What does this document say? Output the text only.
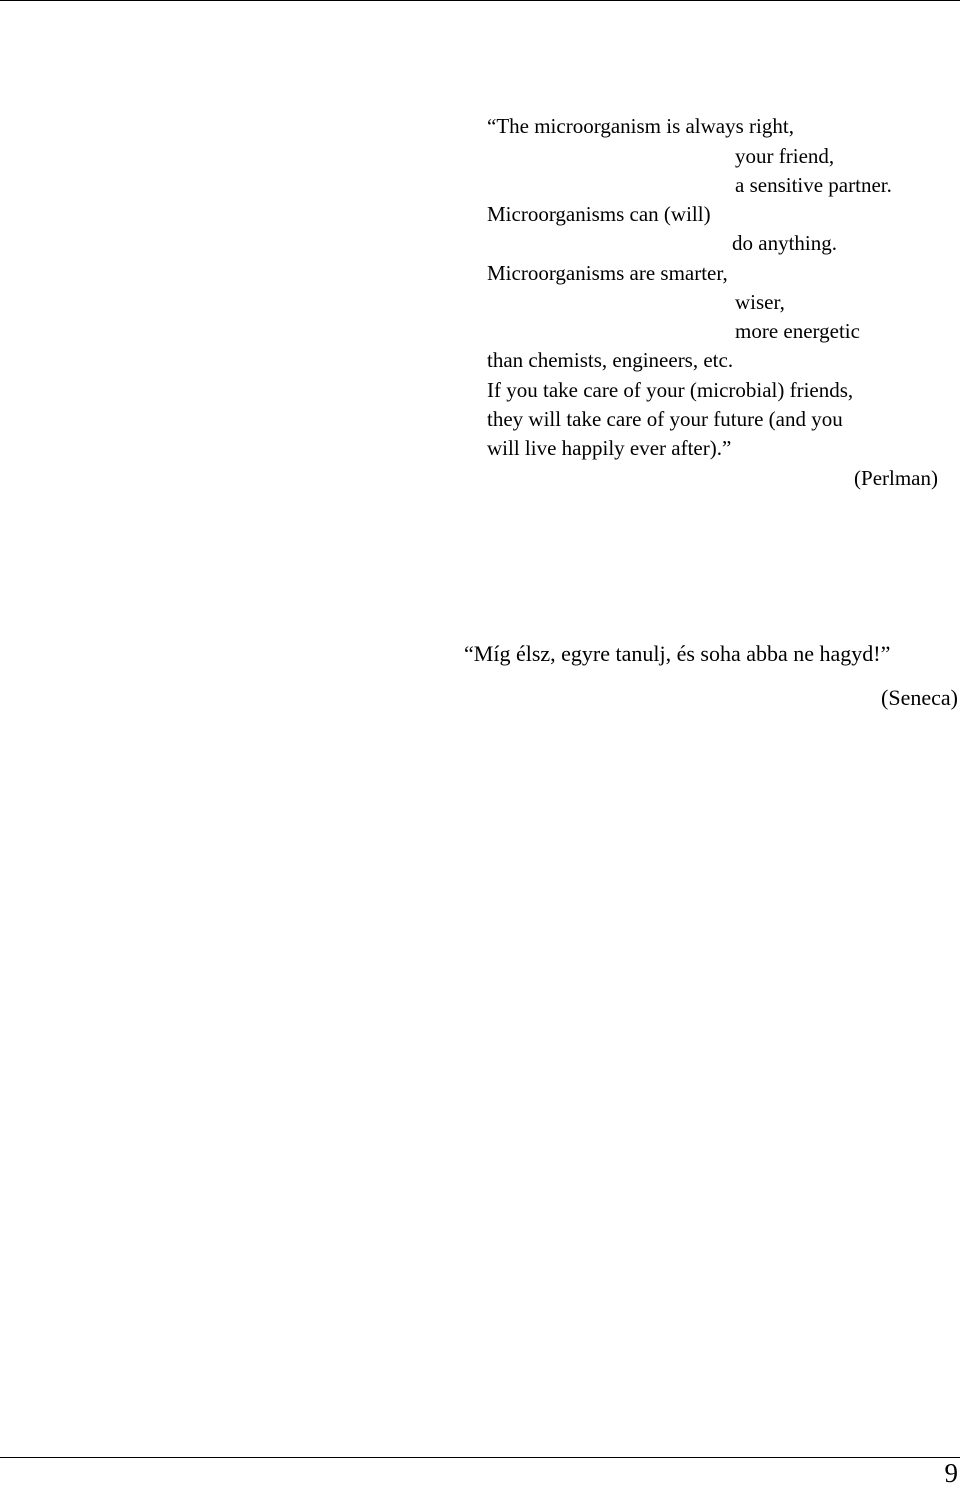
“The microorganism is always right,
your friend,
a sensitive partner.
Microorganisms can (will)
do anything.
Microorganisms are smarter,
wiser,
more energetic
than chemists, engineers, etc.
If you take care of your (microbial) friends,
they will take care of your future (and you
will live happily ever after).”
(Perlman)
“Míg élsz, egyre tanulj, és soha abba ne hagyd!”
(Seneca)
9
